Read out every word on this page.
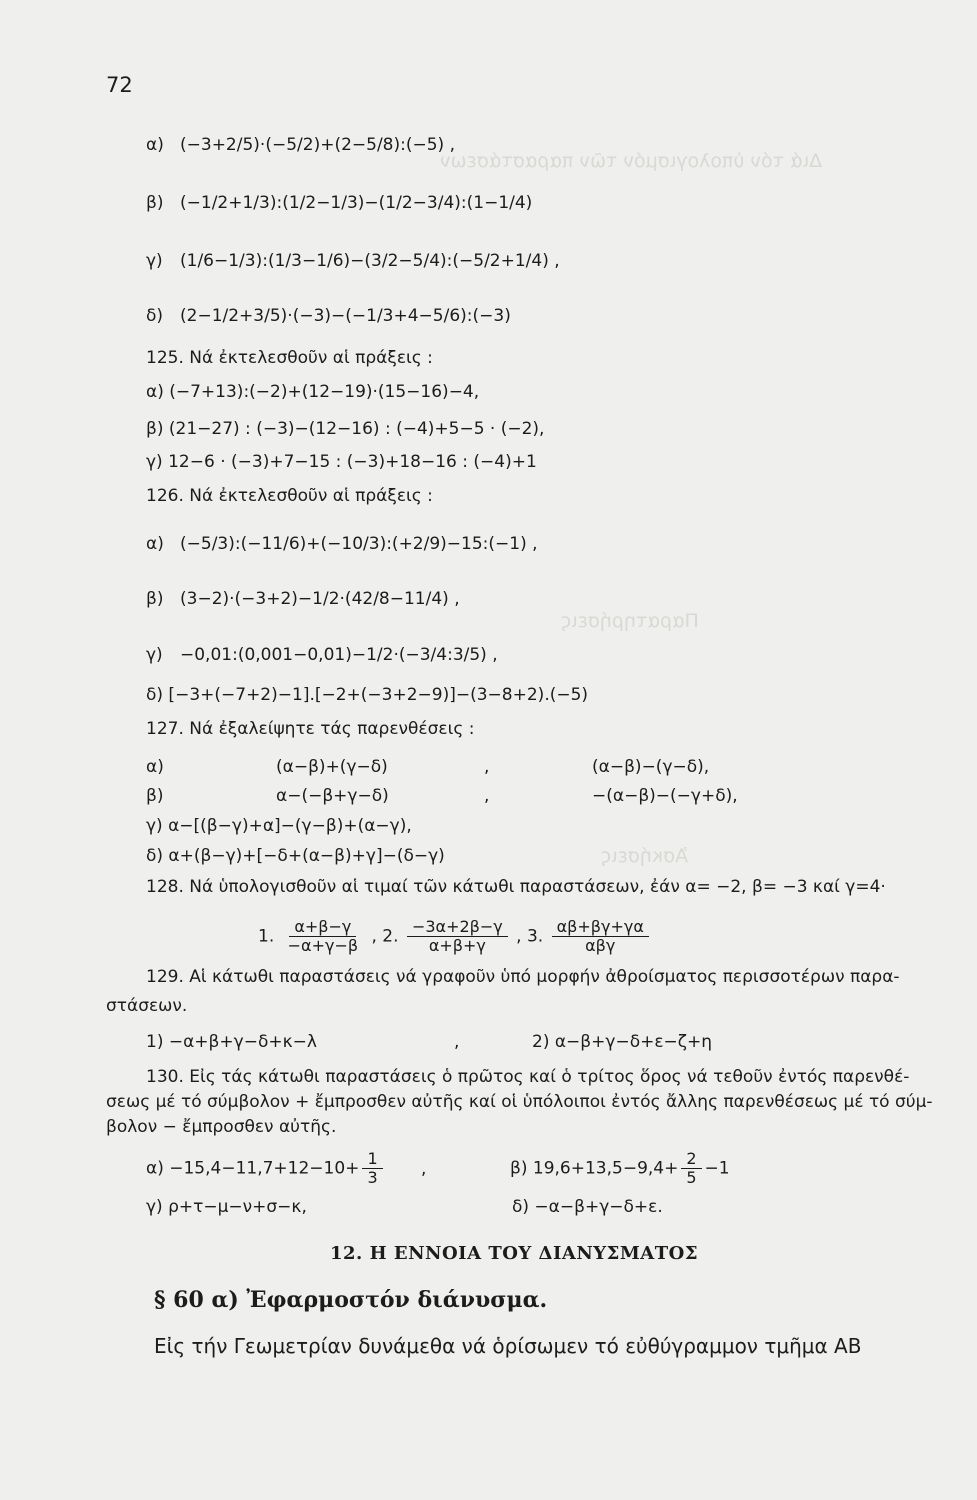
Διά τόν ὑπολογισμόν τῶν παραστάσεων
Παρατηρήσεις
Ἀσκήσεις
72
α) (−3+2/5)·(−5/2)+(2−5/8):(−5) ,
β) (−1/2+1/3):(1/2−1/3)−(1/2−3/4):(1−1/4)
γ) (1/6−1/3):(1/3−1/6)−(3/2−5/4):(−5/2+1/4) ,
δ) (2−1/2+3/5)·(−3)−(−1/3+4−5/6):(−3)
125. Νά ἐκτελεσθοῦν αἱ πράξεις :
α) (−7+13):(−2)+(12−19)·(15−16)−4,
β) (21−27) : (−3)−(12−16) : (−4)+5−5 · (−2),
γ) 12−6 · (−3)+7−15 : (−3)+18−16 : (−4)+1
126. Νά ἐκτελεσθοῦν αἱ πράξεις :
α) (−5/3):(−11/6)+(−10/3):(+2/9)−15:(−1) ,
β) (3−2)·(−3+2)−1/2·(42/8−11/4) ,
γ) −0,01:(0,001−0,01)−1/2·(−3/4:3/5) ,
δ) [−3+(−7+2)−1].[−2+(−3+2−9)]−(3−8+2).(−5)
127. Νά ἐξαλείψητε τάς παρενθέσεις :
α)	(α−β)+(γ−δ)	,	(α−β)−(γ−δ),
β)	α−(−β+γ−δ)	,	−(α−β)−(−γ+δ),
γ) α−[(β−γ)+α]−(γ−β)+(α−γ),
δ) α+(β−γ)+[−δ+(α−β)+γ]−(δ−γ)
128. Νά ὑπολογισθοῦν αἱ τιμαί τῶν κάτωθι παραστάσεων, ἐάν α= −2, β= −3 καί γ=4·
1. $\frac{\alpha+\beta-\gamma}{-\alpha+\gamma-\beta}$ , 2. $\frac{-3\alpha+2\beta-\gamma}{\alpha+\beta+\gamma}$ , 3. $\frac{\alpha\beta+\beta\gamma+\gamma\alpha}{\text{αβγ}}$
129. Αἱ κάτωθι παραστάσεις νά γραφοῦν ὑπό μορφήν ἀθροίσματος περισσοτέρων παρα-
στάσεων.
1) −α+β+γ−δ+κ−λ	,	2) α−β+γ−δ+ε−ζ+η
130. Εἰς τάς κάτωθι παραστάσεις ὁ πρῶτος καί ὁ τρίτος ὅρος νά τεθοῦν ἐντός παρενθέ-
σεως μέ τό σύμβολον + ἔμπροσθεν αὐτῆς καί οἱ ὑπόλοιποι ἐντός ἄλλης παρενθέσεως μέ τό σύμ-
βολον − ἔμπροσθεν αὐτῆς.
$\alpha) -15,4-11,7+12-10+ \frac{1}{3}$ ,	β) $19,6+13,5-9,4+ \frac{2}{5} -1$
γ) ρ+τ−μ−ν+σ−κ,	δ) −α−β+γ−δ+ε.
12. Η ΕΝΝΟΙΑ ΤΟΥ ΔΙΑΝΥΣΜΑΤΟΣ
§ 60 α) Ἐφαρμοστόν διάνυσμα.
Εἰς τήν Γεωμετρίαν δυνάμεθα νά ὁρίσωμεν τό εὐθύγραμμον τμῆμα ΑΒ
